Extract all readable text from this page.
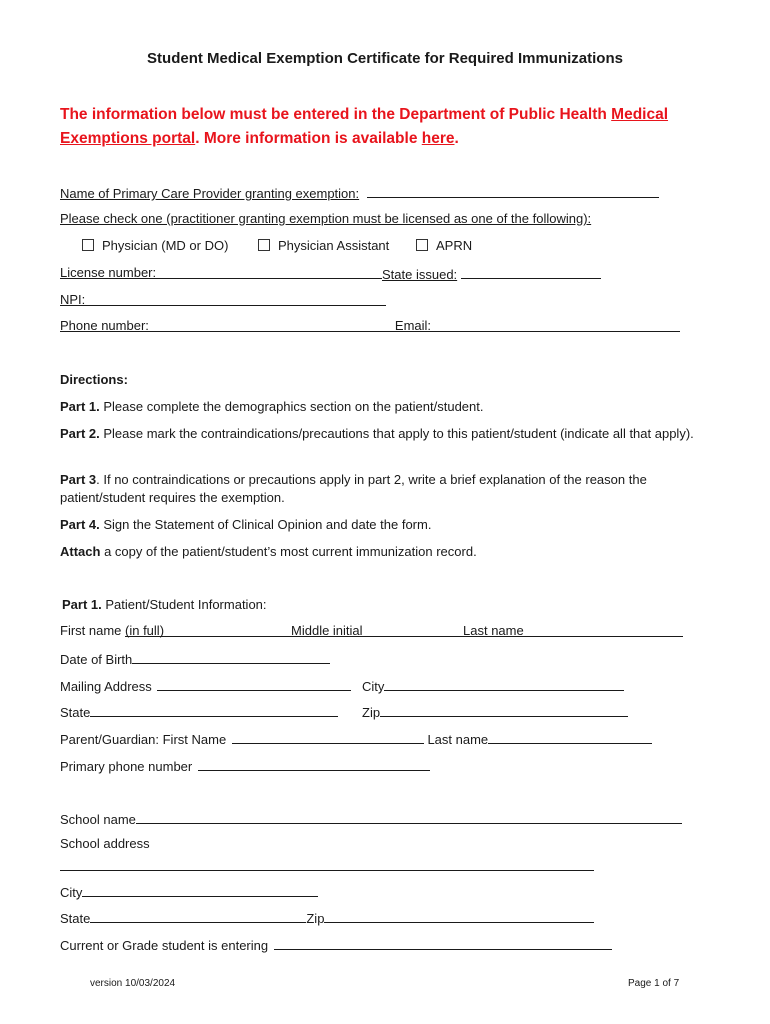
Student Medical Exemption Certificate for Required Immunizations
The information below must be entered in the Department of Public Health Medical Exemptions portal. More information is available here.
Name of Primary Care Provider granting exemption:
Please check one (practitioner granting exemption must be licensed as one of the following):
Physician (MD or DO)	Physician Assistant	APRN
License number:	State issued:
NPI:
Phone number:	Email:
Directions:
Part 1. Please complete the demographics section on the patient/student.
Part 2. Please mark the contraindications/precautions that apply to this patient/student (indicate all that apply).
Part 3. If no contraindications or precautions apply in part 2, write a brief explanation of the reason the patient/student requires the exemption.
Part 4. Sign the Statement of Clinical Opinion and date the form.
Attach a copy of the patient/student’s most current immunization record.
Part 1. Patient/Student Information:
First name (in full)	Middle initial	Last name
Date of Birth
Mailing Address	City
State	Zip
Parent/Guardian: First Name	Last name
Primary phone number
School name
School address
City
State	Zip
Current or Grade student is entering
version 10/03/2024	Page 1 of 7
